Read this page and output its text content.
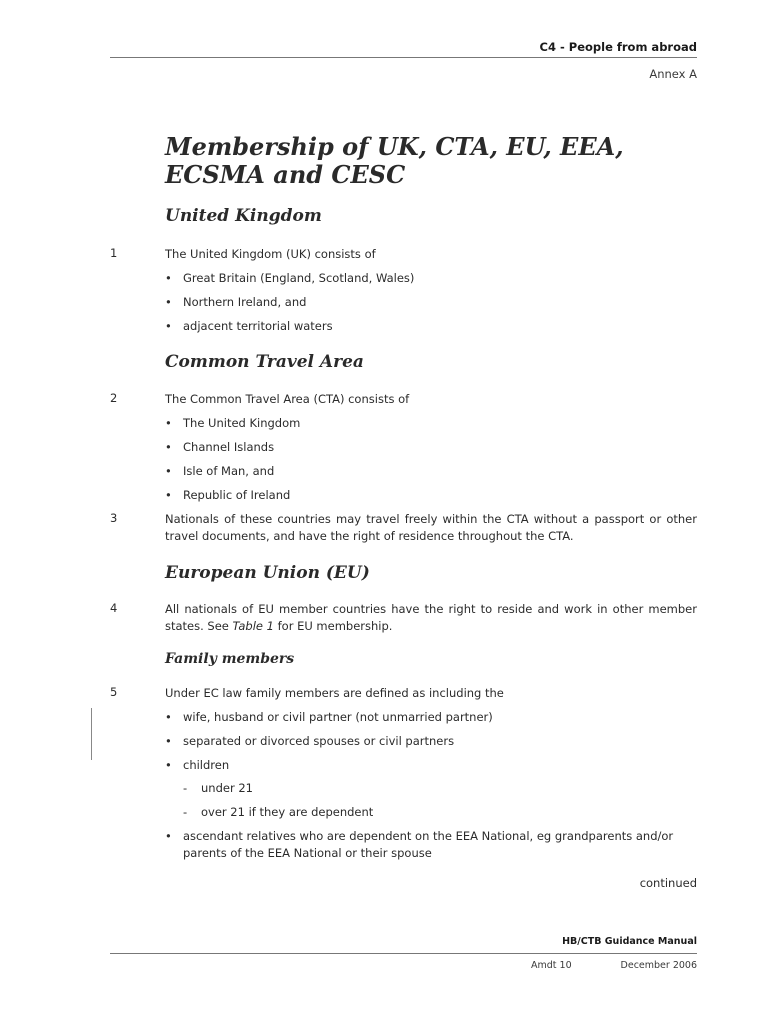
C4 - People from abroad
Annex A
Membership of UK, CTA, EU, EEA,
ECSMA and CESC
United Kingdom
1	The United Kingdom (UK) consists of
• Great Britain (England, Scotland, Wales)
• Northern Ireland, and
• adjacent territorial waters
Common Travel Area
2	The Common Travel Area (CTA) consists of
• The United Kingdom
• Channel Islands
• Isle of Man, and
• Republic of Ireland
3	Nationals of these countries may travel freely within the CTA without a passport or other travel documents, and have the right of residence throughout the CTA.
European Union (EU)
4	All nationals of EU member countries have the right to reside and work in other member states. See Table 1 for EU membership.
Family members
5	Under EC law family members are defined as including the
• wife, husband or civil partner (not unmarried partner)
• separated or divorced spouses or civil partners
• children
-	under 21
-	over 21 if they are dependent
• ascendant relatives who are dependent on the EEA National, eg grandparents and/or parents of the EEA National or their spouse
continued
HB/CTB Guidance Manual
Amdt 10	December 2006
